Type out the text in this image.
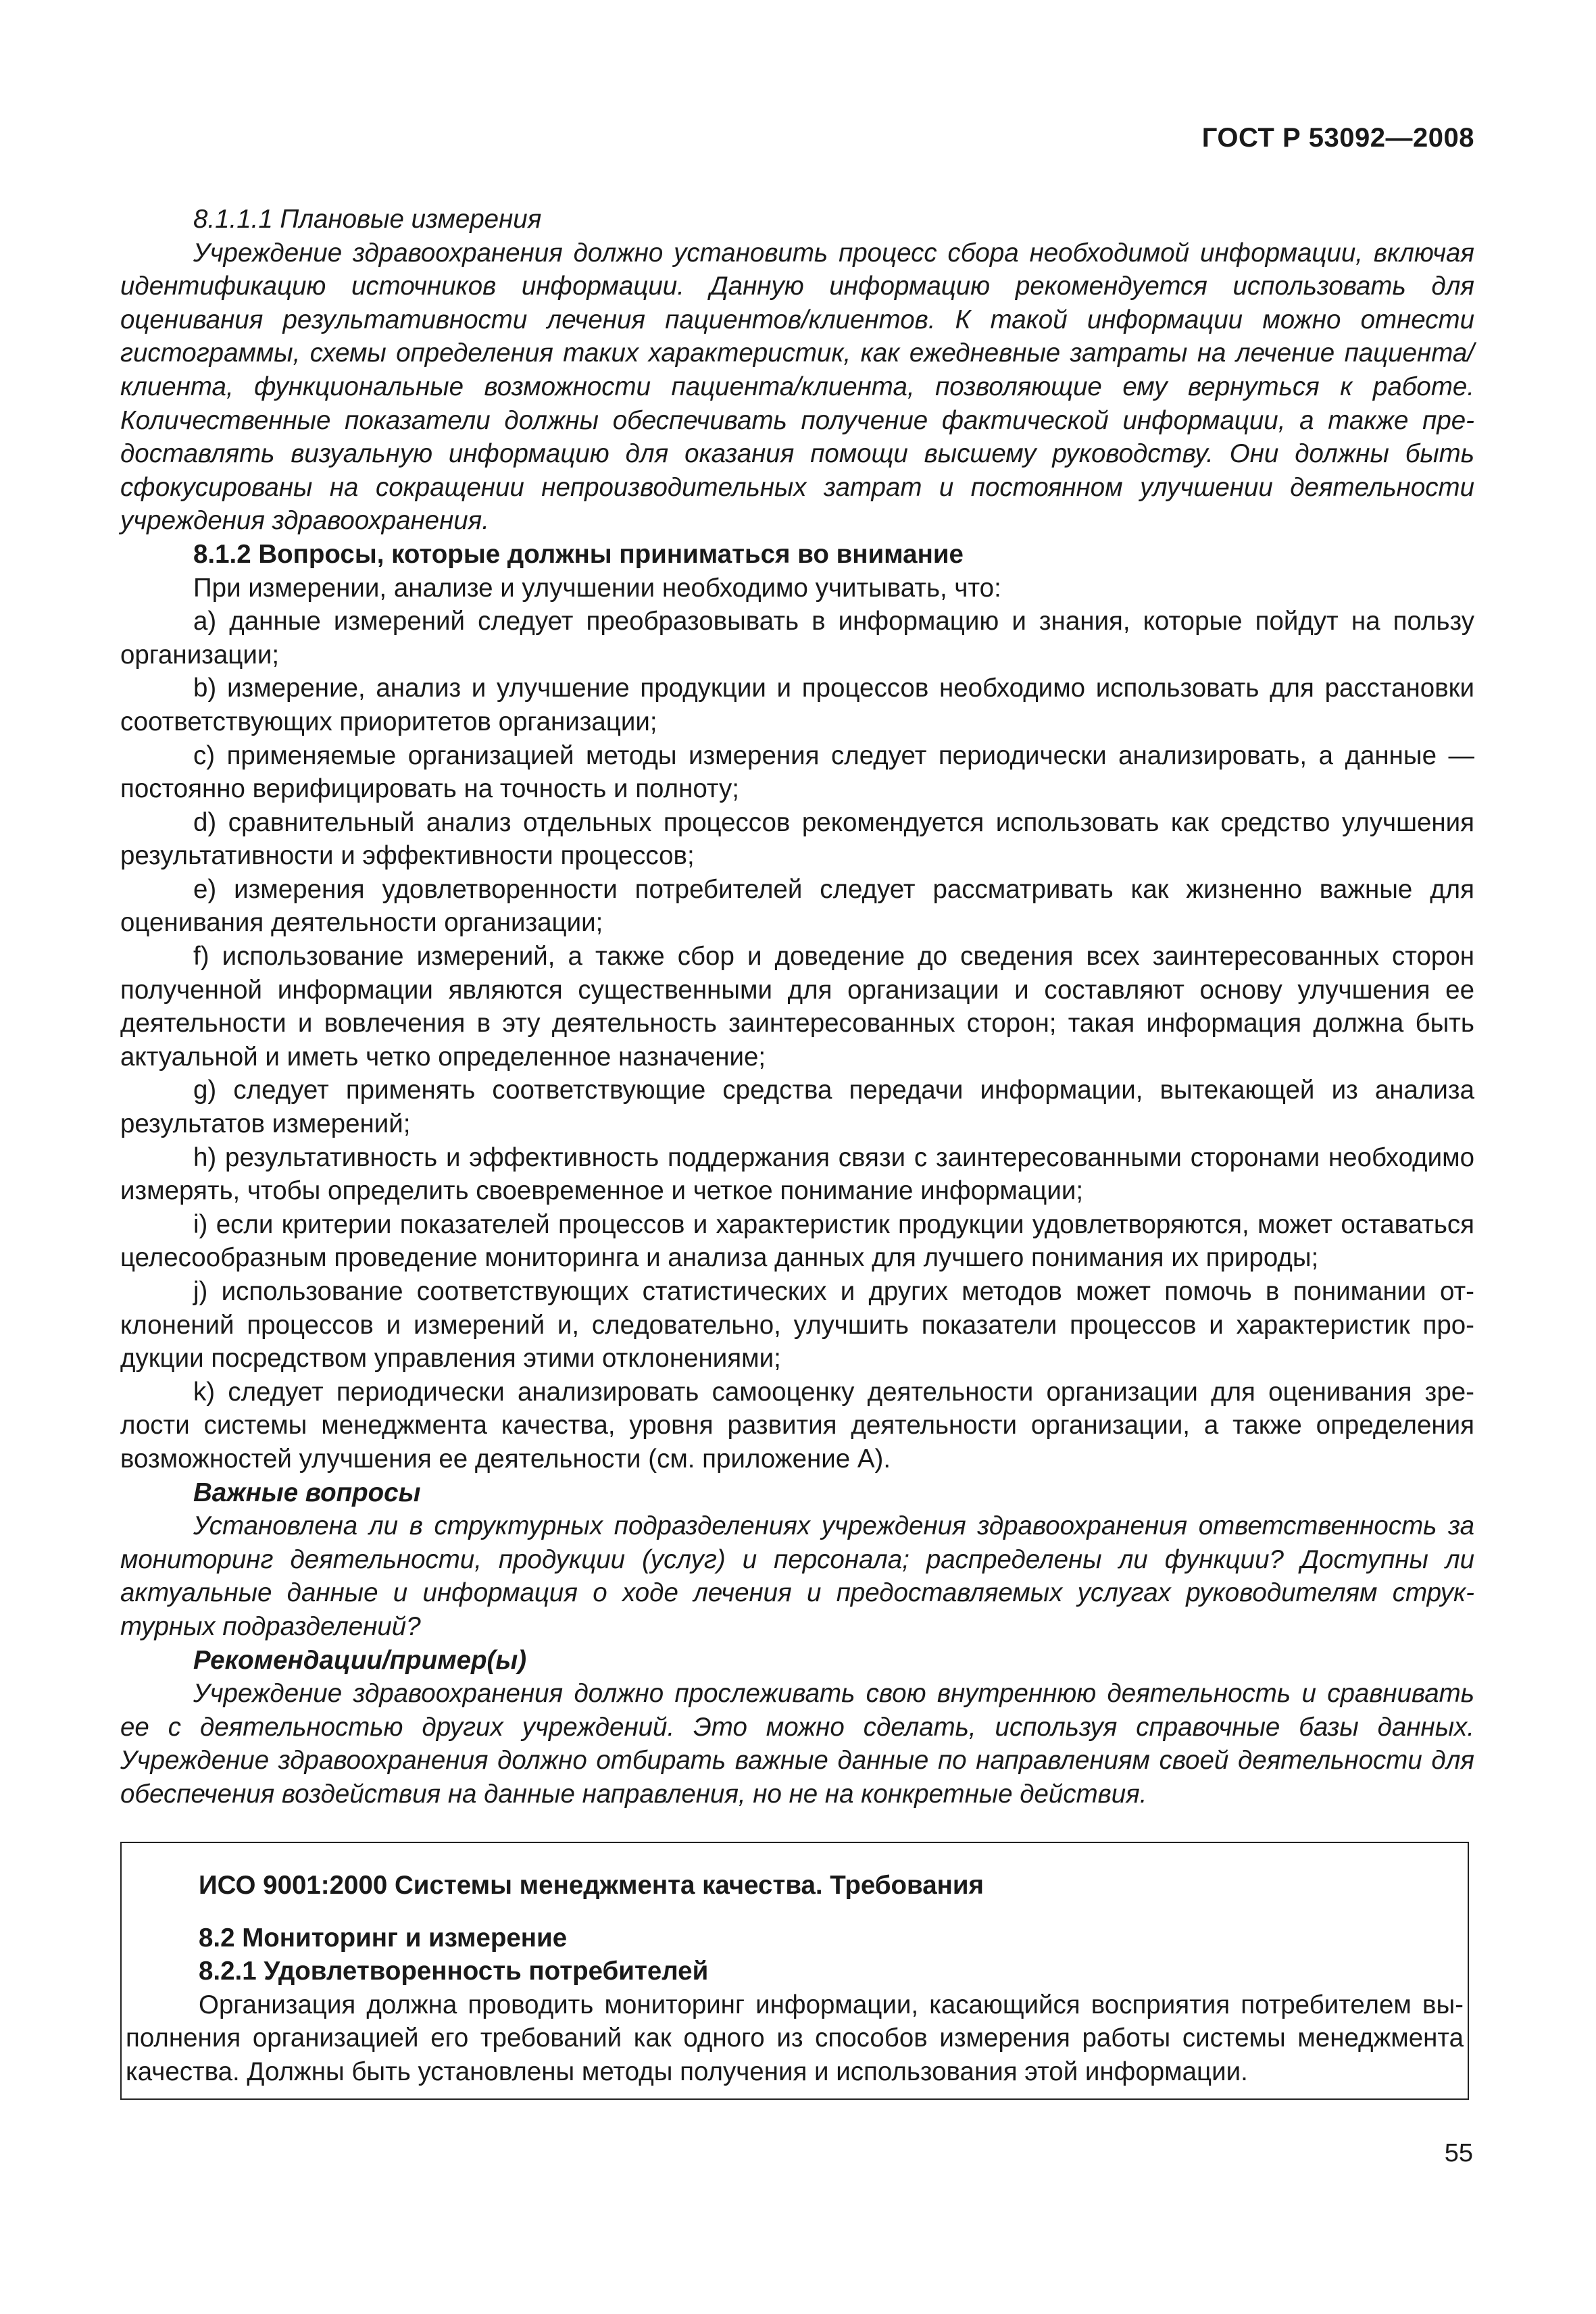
ГОСТ Р 53092—2008

8.1.1.1 Плановые измерения

Учреждение здравоохранения должно установить процесс сбора необходимой информации, включая идентификацию источников информации. Данную информацию рекомендуется использовать для оценивания результативности лечения пациентов/клиентов. К такой информации можно отнести гистограммы, схемы определения таких характеристик, как ежедневные затраты на лечение пациента/клиента, функциональные возможности пациента/клиента, позволяющие ему вернуться к работе. Количественные показатели должны обеспечивать получение фактической информации, а также предоставлять визуальную информацию для оказания помощи высшему руководству. Они должны быть сфокусированы на сокращении непроизводительных затрат и постоянном улучшении деятельности учреждения здравоохранения.

8.1.2 Вопросы, которые должны приниматься во внимание

При измерении, анализе и улучшении необходимо учитывать, что:

a) данные измерений следует преобразовывать в информацию и знания, которые пойдут на пользу организации;

b) измерение, анализ и улучшение продукции и процессов необходимо использовать для расстановки соответствующих приоритетов организации;

c) применяемые организацией методы измерения следует периодически анализировать, а данные — постоянно верифицировать на точность и полноту;

d) сравнительный анализ отдельных процессов рекомендуется использовать как средство улучшения результативности и эффективности процессов;

e) измерения удовлетворенности потребителей следует рассматривать как жизненно важные для оценивания деятельности организации;

f) использование измерений, а также сбор и доведение до сведения всех заинтересованных сторон полученной информации являются существенными для организации и составляют основу улучшения ее деятельности и вовлечения в эту деятельность заинтересованных сторон; такая информация должна быть актуальной и иметь четко определенное назначение;

g) следует применять соответствующие средства передачи информации, вытекающей из анализа результатов измерений;

h) результативность и эффективность поддержания связи с заинтересованными сторонами необходимо измерять, чтобы определить своевременное и четкое понимание информации;

i) если критерии показателей процессов и характеристик продукции удовлетворяются, может оставаться целесообразным проведение мониторинга и анализа данных для лучшего понимания их природы;

j) использование соответствующих статистических и других методов может помочь в понимании отклонений процессов и измерений и, следовательно, улучшить показатели процессов и характеристик продукции посредством управления этими отклонениями;

k) следует периодически анализировать самооценку деятельности организации для оценивания зрелости системы менеджмента качества, уровня развития деятельности организации, а также определения возможностей улучшения ее деятельности (см. приложение А).

Важные вопросы

Установлена ли в структурных подразделениях учреждения здравоохранения ответственность за мониторинг деятельности, продукции (услуг) и персонала; распределены ли функции? Доступны ли актуальные данные и информация о ходе лечения и предоставляемых услугах руководителям структурных подразделений?

Рекомендации/пример(ы)

Учреждение здравоохранения должно прослеживать свою внутреннюю деятельность и сравнивать ее с деятельностью других учреждений. Это можно сделать, используя справочные базы данных. Учреждение здравоохранения должно отбирать важные данные по направлениям своей деятельности для обеспечения воздействия на данные направления, но не на конкретные действия.

ИСО 9001:2000 Системы менеджмента качества. Требования

8.2 Мониторинг и измерение

8.2.1 Удовлетворенность потребителей

Организация должна проводить мониторинг информации, касающийся восприятия потребителем выполнения организацией его требований как одного из способов измерения работы системы менеджмента качества. Должны быть установлены методы получения и использования этой информации.

55
